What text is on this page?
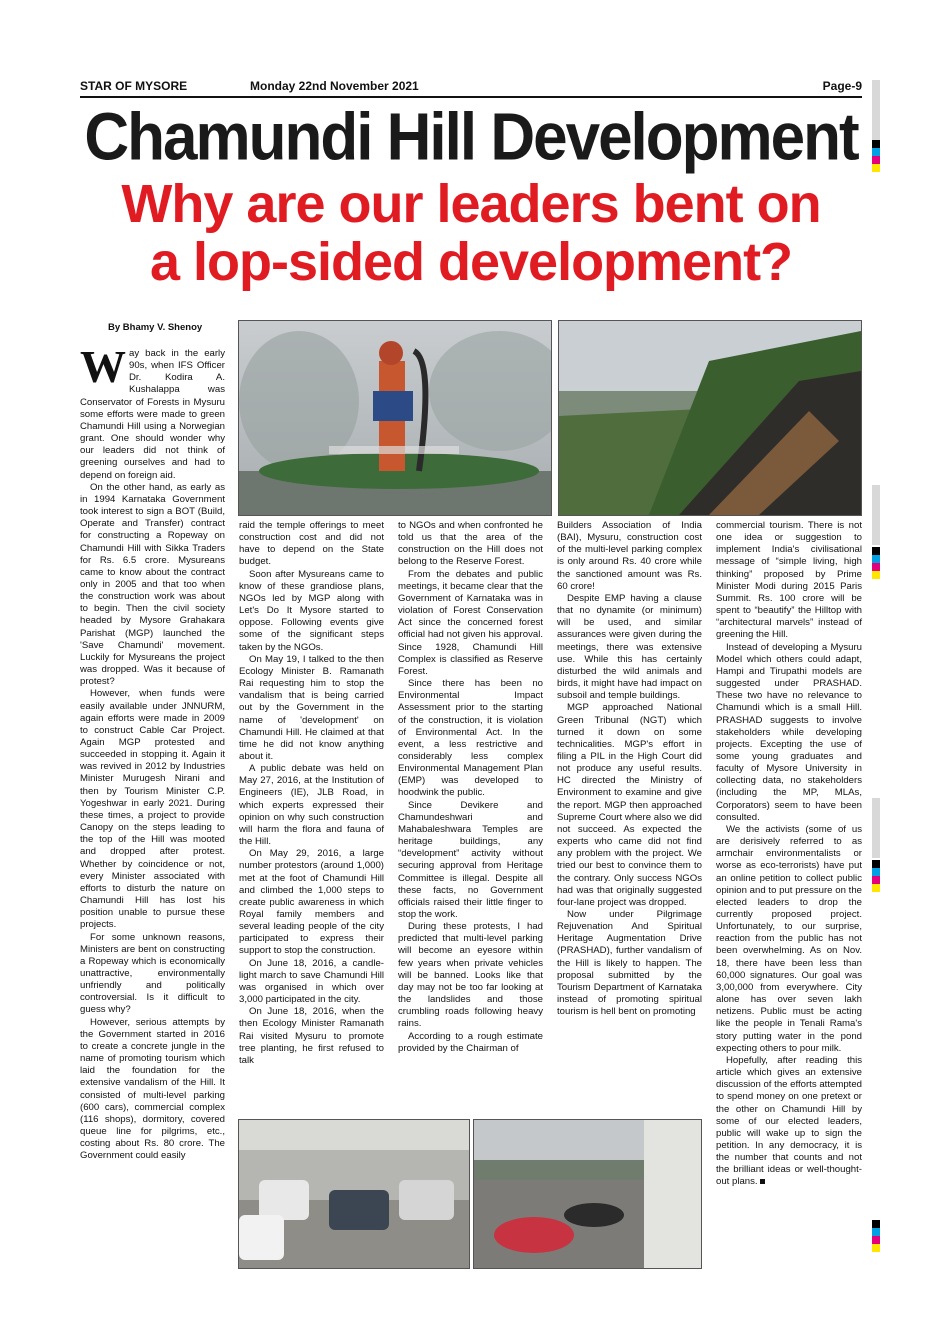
STAR OF MYSORE	Monday 22nd November 2021	Page-9
Chamundi Hill Development
Why are our leaders bent on
a lop-sided development?
By Bhamy V. Shenoy

Way back in the early 90s, when IFS Officer Dr. Kodira A. Kushalappa was Conservator of Forests in Mysuru some efforts were made to green Chamundi Hill using a Norwegian grant. One should wonder why our leaders did not think of greening ourselves and had to depend on foreign aid.

On the other hand, as early as in 1994 Karnataka Government took interest to sign a BOT (Build, Operate and Transfer) contract for constructing a Ropeway on Chamundi Hill with Sikka Traders for Rs. 6.5 crore. Mysureans came to know about the contract only in 2005 and that too when the construction work was about to begin. Then the civil society headed by Mysore Grahakara Parishat (MGP) launched the 'Save Chamundi' movement. Luckily for Mysureans the project was dropped. Was it because of protest?

However, when funds were easily available under JNNURM, again efforts were made in 2009 to construct Cable Car Project. Again MGP protested and succeeded in stopping it. Again it was revived in 2012 by Industries Minister Murugesh Nirani and then by Tourism Minister C.P. Yogeshwar in early 2021. During these times, a project to provide Canopy on the steps leading to the top of the Hill was mooted and dropped after protest. Whether by coincidence or not, every Minister associated with efforts to disturb the nature on Chamundi Hill has lost his position unable to pursue these projects.

For some unknown reasons, Ministers are bent on constructing a Ropeway which is economically unattractive, environmentally unfriendly and politically controversial. Is it difficult to guess why?

However, serious attempts by the Government started in 2016 to create a concrete jungle in the name of promoting tourism which laid the foundation for the extensive vandalism of the Hill. It consisted of multi-level parking (600 cars), commercial complex (116 shops), dormitory, covered queue line for pilgrims, etc., costing about Rs. 80 crore. The Government could easily

raid the temple offerings to meet construction cost and did not have to depend on the State budget.

Soon after Mysureans came to know of these grandiose plans, NGOs led by MGP along with Let's Do It Mysore started to oppose. Following events give some of the significant steps taken by the NGOs.

On May 19, I talked to the then Ecology Minister B. Ramanath Rai requesting him to stop the vandalism that is being carried out by the Government in the name of 'development' on Chamundi Hill. He claimed at that time he did not know anything about it.

A public debate was held on May 27, 2016, at the Institution of Engineers (IE), JLB Road, in which experts expressed their opinion on why such construction will harm the flora and fauna of the Hill.

On May 29, 2016, a large number protestors (around 1,000) met at the foot of Chamundi Hill and climbed the 1,000 steps to create public awareness in which Royal family members and several leading people of the city participated to express their support to stop the construction.

On June 18, 2016, a candle-light march to save Chamundi Hill was organised in which over 3,000 participated in the city.

On June 18, 2016, when the then Ecology Minister Ramanath Rai visited Mysuru to promote tree planting, he first refused to talk

to NGOs and when confronted he told us that the area of the construction on the Hill does not belong to the Reserve Forest.

From the debates and public meetings, it became clear that the Government of Karnataka was in violation of Forest Conservation Act since the concerned forest official had not given his approval. Since 1928, Chamundi Hill Complex is classified as Reserve Forest.

Since there has been no Environmental Impact Assessment prior to the starting of the construction, it is violation of Environmental Act. In the event, a less restrictive and considerably less complex Environmental Management Plan (EMP) was developed to hoodwink the public.

Since Devikere and Chamundeshwari and Mahabaleshwara Temples are heritage buildings, any “development” activity without securing approval from Heritage Committee is illegal. Despite all these facts, no Government officials raised their little finger to stop the work.

During these protests, I had predicted that multi-level parking will become an eyesore within few years when private vehicles will be banned. Looks like that day may not be too far looking at the landslides and those crumbling roads following heavy rains.

According to a rough estimate provided by the Chairman of

Builders Association of India (BAI), Mysuru, construction cost of the multi-level parking complex is only around Rs. 40 crore while the sanctioned amount was Rs. 60 crore!

Despite EMP having a clause that no dynamite (or minimum) will be used, and similar assurances were given during the meetings, there was extensive use. While this has certainly disturbed the wild animals and birds, it might have had impact on subsoil and temple buildings.

MGP approached National Green Tribunal (NGT) which turned it down on some technicalities. MGP's effort in filing a PIL in the High Court did not produce any useful results. HC directed the Ministry of Environment to examine and give the report. MGP then approached Supreme Court where also we did not succeed. As expected the experts who came did not find any problem with the project. We tried our best to convince them to the contrary. Only success NGOs had was that originally suggested four-lane project was dropped.

Now under Pilgrimage Rejuvenation And Spiritual Heritage Augmentation Drive (PRASHAD), further vandalism of the Hill is likely to happen. The proposal submitted by the Tourism Department of Karnataka instead of promoting spiritual tourism is hell bent on promoting

commercial tourism. There is not one idea or suggestion to implement India's civilisational message of “simple living, high thinking” proposed by Prime Minister Modi during 2015 Paris Summit. Rs. 100 crore will be spent to “beautify” the Hilltop with “architectural marvels” instead of greening the Hill.

Instead of developing a Mysuru Model which others could adapt, Hampi and Tirupathi models are suggested under PRASHAD. These two have no relevance to Chamundi which is a small Hill. PRASHAD suggests to involve stakeholders while developing projects. Excepting the use of some young graduates and faculty of Mysore University in collecting data, no stakeholders (including the MP, MLAs, Corporators) seem to have been consulted.

We the activists (some of us are derisively referred to as armchair environmentalists or worse as eco-terrorists) have put an online petition to collect public opinion and to put pressure on the elected leaders to drop the currently proposed project. Unfortunately, to our surprise, reaction from the public has not been overwhelming. As on Nov. 18, there have been less than 60,000 signatures. Our goal was 3,00,000 from everywhere. City alone has over seven lakh netizens. Public must be acting like the people in Tenali Rama's story putting water in the pond expecting others to pour milk.

Hopefully, after reading this article which gives an extensive discussion of the efforts attempted to spend money on one pretext or the other on Chamundi Hill by some of our elected leaders, public will wake up to sign the petition. In any democracy, it is the number that counts and not the brilliant ideas or well-thought- out plans.
